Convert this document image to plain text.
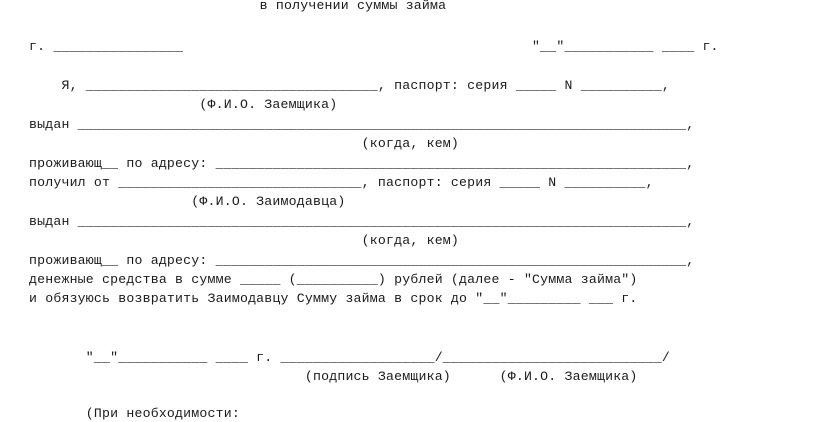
в получении суммы займа
г. ________________                                           "__"___________ ____ г.
Я, ____________________________________, паспорт: серия _____ N __________,
(Ф.И.О. Заемщика)
выдан ___________________________________________________________________________,
(когда, кем)
проживающ__ по адресу: __________________________________________________________,
получил от ______________________________, паспорт: серия _____ N __________,
(Ф.И.О. Заимодавца)
выдан ___________________________________________________________________________,
(когда, кем)
проживающ__ по адресу: __________________________________________________________,
денежные средства в сумме _____ (__________) рублей (далее - "Сумма займа")
и обязуюсь возвратить Заимодавцу Сумму займа в срок до "__"_________ ___ г.
"__"___________ ____ г. ___________________/___________________________/
(подпись Заемщика)      (Ф.И.О. Заемщика)
(При необходимости:
